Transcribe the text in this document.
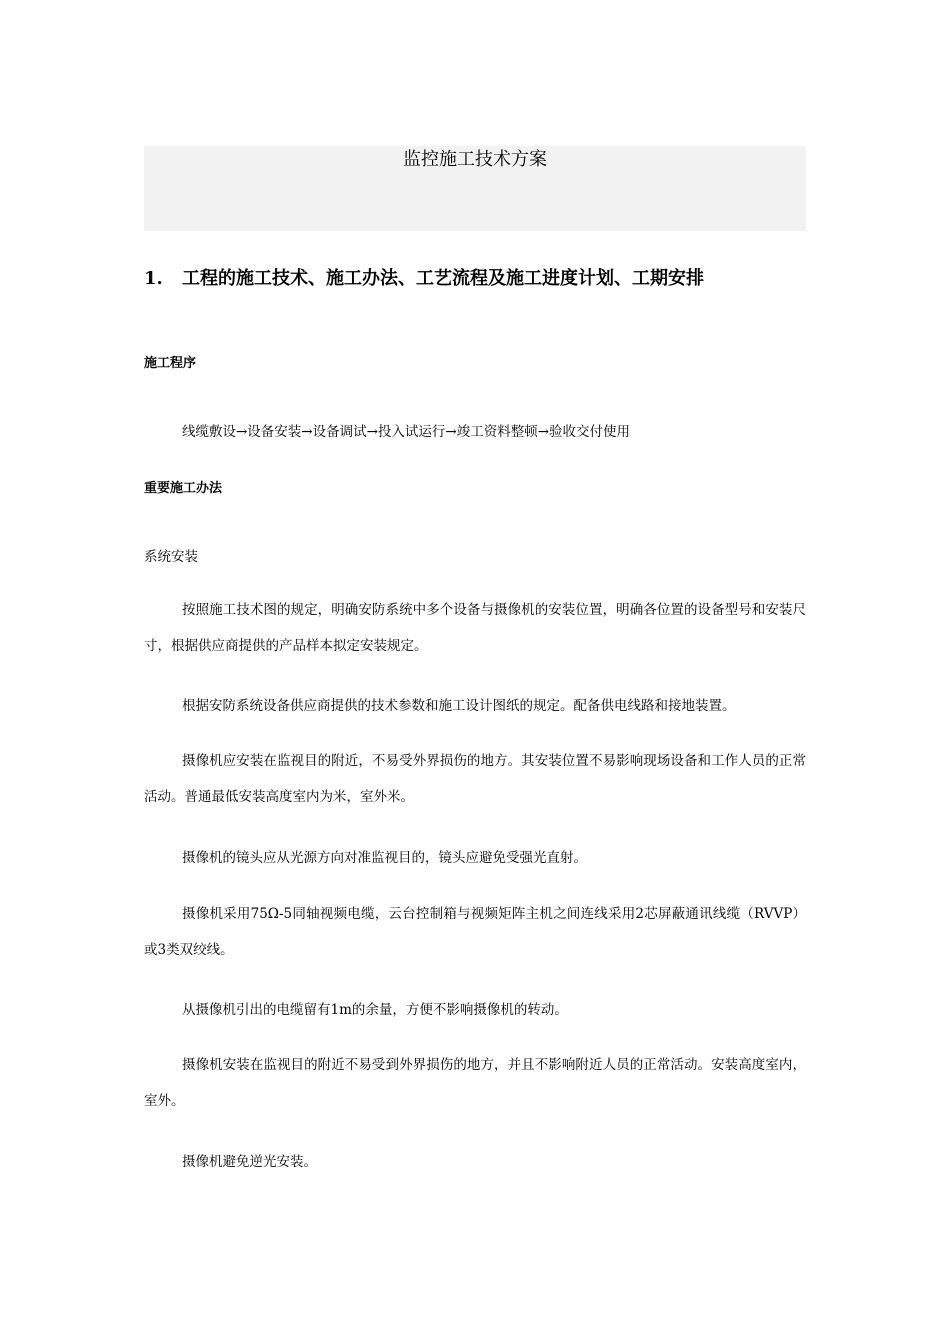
监控施工技术方案
1. 工程的施工技术、施工办法、工艺流程及施工进度计划、工期安排
施工程序
线缆敷设→设备安装→设备调试→投入试运行→竣工资料整顿→验收交付使用
重要施工办法
系统安装
按照施工技术图的规定，明确安防系统中多个设备与摄像机的安装位置，明确各位置的设备型号和安装尺寸，根据供应商提供的产品样本拟定安装规定。
根据安防系统设备供应商提供的技术参数和施工设计图纸的规定。配备供电线路和接地装置。
摄像机应安装在监视目的附近，不易受外界损伤的地方。其安装位置不易影响现场设备和工作人员的正常活动。普通最低安装高度室内为米，室外米。
摄像机的镜头应从光源方向对准监视目的，镜头应避免受强光直射。
摄像机采用75Ω-5同轴视频电缆，云台控制箱与视频矩阵主机之间连线采用2芯屏蔽通讯线缆（RVVP）或3类双绞线。
从摄像机引出的电缆留有1m的余量，方便不影响摄像机的转动。
摄像机安装在监视目的附近不易受到外界损伤的地方，并且不影响附近人员的正常活动。安装高度室内，室外。
摄像机避免逆光安装。
